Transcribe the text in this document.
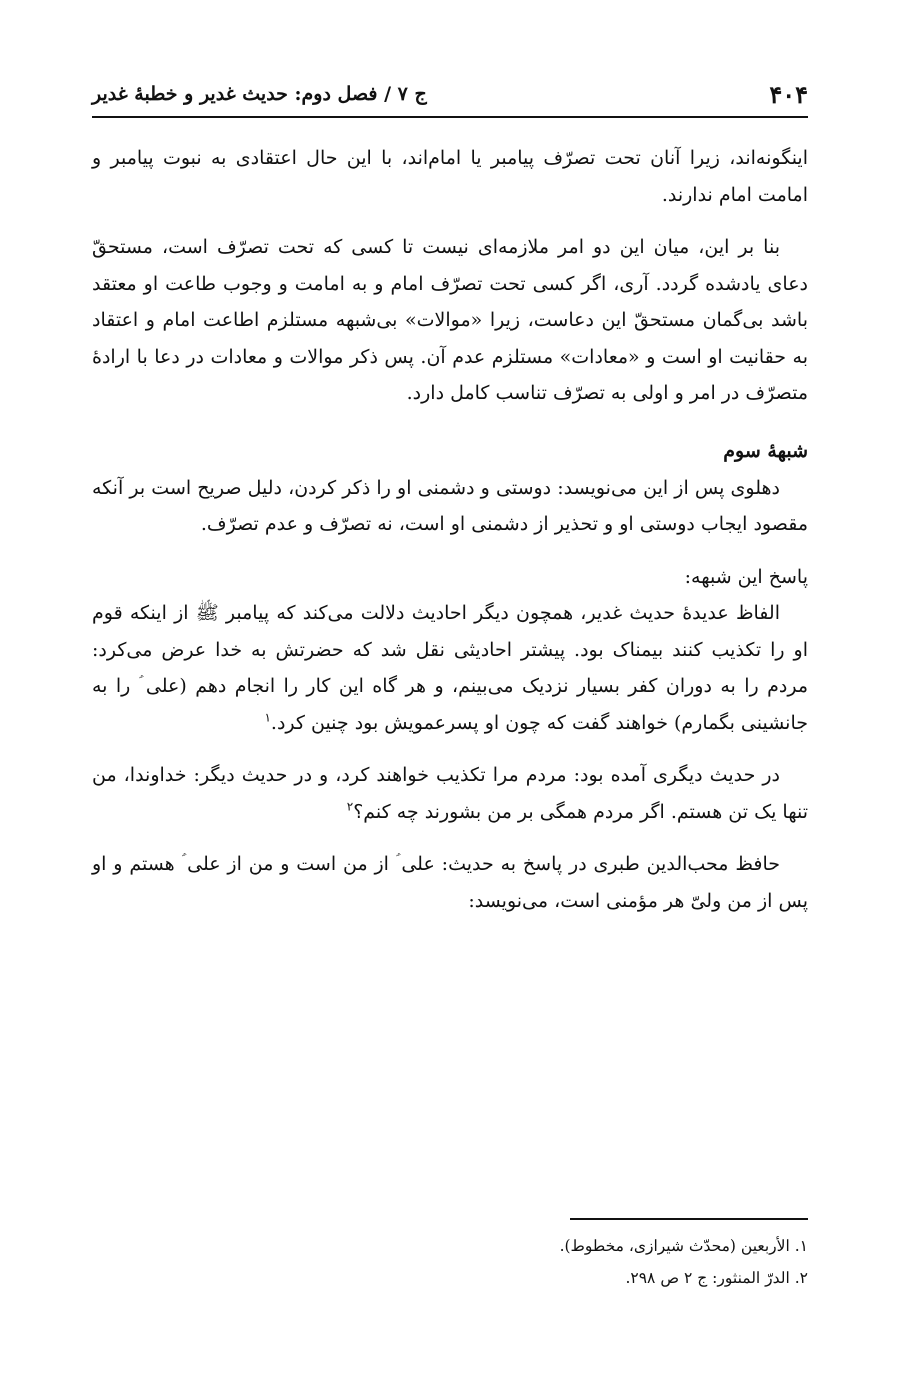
۴۰۴
ج ۷ / فصل دوم: حدیث غدیر و خطبهٔ غدیر

اینگونه‌اند، زیرا آنان تحت تصرّف پیامبر یا امام‌اند، با این حال اعتقادی به نبوت پیامبر و امامت امام ندارند.

بنا بر این، میان این دو امر ملازمه‌ای نیست تا کسی که تحت تصرّف است، مستحقّ دعای یادشده گردد. آری، اگر کسی تحت تصرّف امام و به امامت و وجوب طاعت او معتقد باشد بی‌گمان مستحقّ این دعاست، زیرا «موالات» بی‌شبهه مستلزم اطاعت امام و اعتقاد به حقانیت او است و «معادات» مستلزم عدم آن. پس ذکر موالات و معادات در دعا با ارادهٔ متصرّف در امر و اولی به تصرّف تناسب کامل دارد.

شبههٔ سوم

دهلوی پس از این می‌نویسد: دوستی و دشمنی او را ذکر کردن، دلیل صریح است بر آنکه مقصود ایجاب دوستی او و تحذیر از دشمنی او است، نه تصرّف و عدم تصرّف.

پاسخ این شبهه:

الفاظ عدیدهٔ حدیث غدیر، همچون دیگر احادیث دلالت می‌کند که پیامبر ﷺ از اینکه قوم او را تکذیب کنند بیمناک بود. پیشتر احادیثی نقل شد که حضرتش به خدا عرض می‌کرد: مردم را به دوران کفر بسیار نزدیک می‌بینم، و هر گاه این کار را انجام دهم (علی ؑ را به جانشینی بگمارم) خواهند گفت که چون او پسرعمویش بود چنین کرد.$^۱$

در حدیث دیگری آمده بود: مردم مرا تکذیب خواهند کرد، و در حدیث دیگر: خداوندا، من تنها یک تن هستم. اگر مردم همگی بر من بشورند چه کنم؟$^۲$

حافظ محب‌الدین طبری در پاسخ به حدیث: علی ؑ از من است و من از علی ؑ هستم و او پس از من ولیّ هر مؤمنی است، می‌نویسد:

۱. الأربعین (محدّث شیرازی، مخطوط).

۲. الدرّ المنثور: ج ۲ ص ۲۹۸.
